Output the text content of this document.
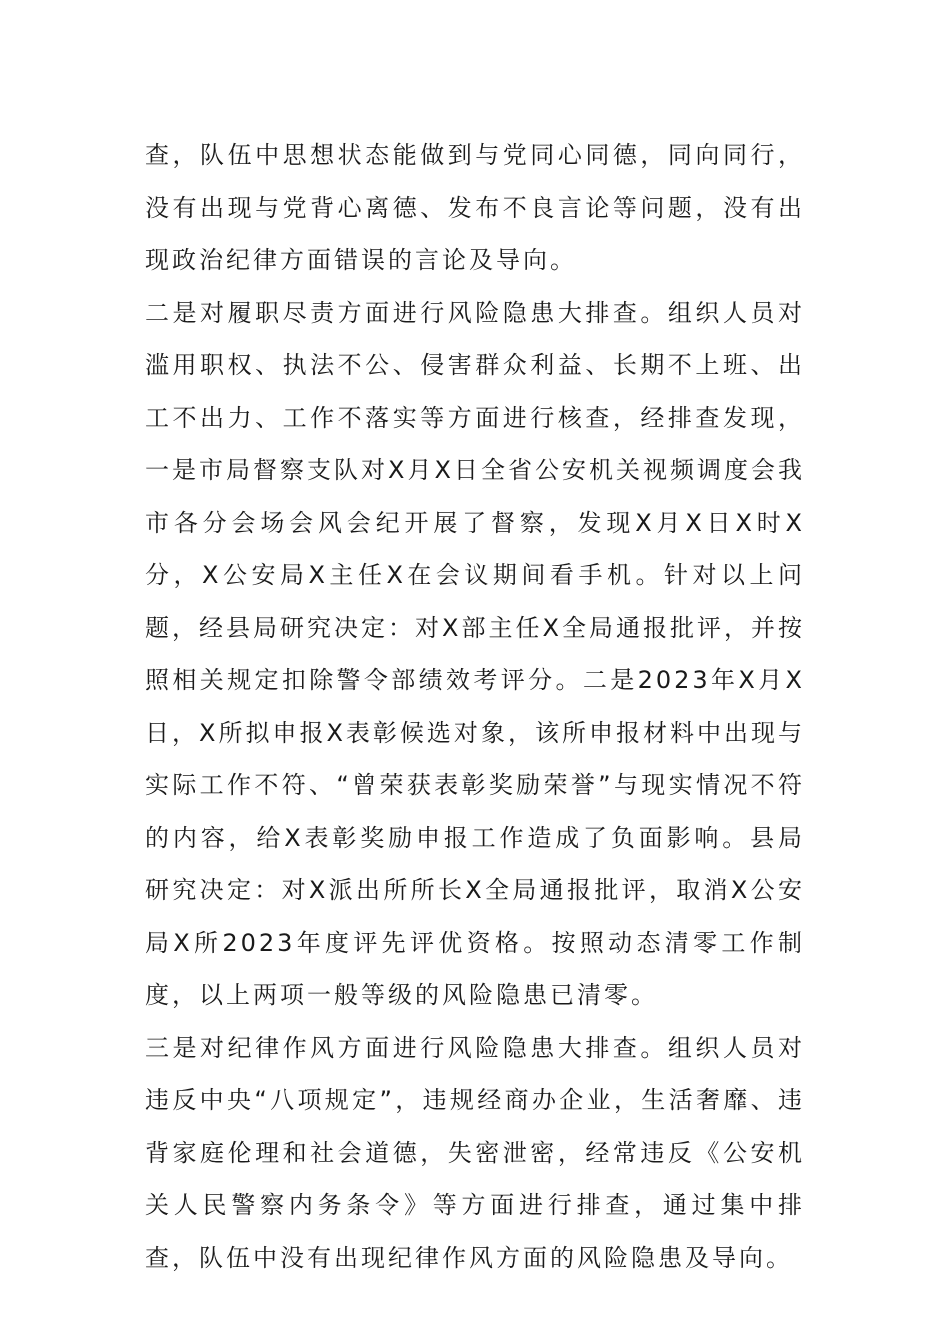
查，队伍中思想状态能做到与党同心同德，同向同行，没有出现与党背心离德、发布不良言论等问题，没有出现政治纪律方面错误的言论及导向。

二是对履职尽责方面进行风险隐患大排查。组织人员对滥用职权、执法不公、侵害群众利益、长期不上班、出工不出力、工作不落实等方面进行核查，经排查发现，一是市局督察支队对X月X日全省公安机关视频调度会我市各分会场会风会纪开展了督察，发现X月X日X时X分，X公安局X主任X在会议期间看手机。针对以上问题，经县局研究决定：对X部主任X全局通报批评，并按照相关规定扣除警令部绩效考评分。二是2023年X月X日，X所拟申报X表彰候选对象，该所申报材料中出现与实际工作不符、“曾荣获表彰奖励荣誉”与现实情况不符的内容，给X表彰奖励申报工作造成了负面影响。县局研究决定：对X派出所所长X全局通报批评，取消X公安局X所2023年度评先评优资格。按照动态清零工作制度，以上两项一般等级的风险隐患已清零。

三是对纪律作风方面进行风险隐患大排查。组织人员对违反中央“八项规定”，违规经商办企业，生活奢靡、违背家庭伦理和社会道德，失密泄密，经常违反《公安机关人民警察内务条令》等方面进行排查，通过集中排查，队伍中没有出现纪律作风方面的风险隐患及导向。
